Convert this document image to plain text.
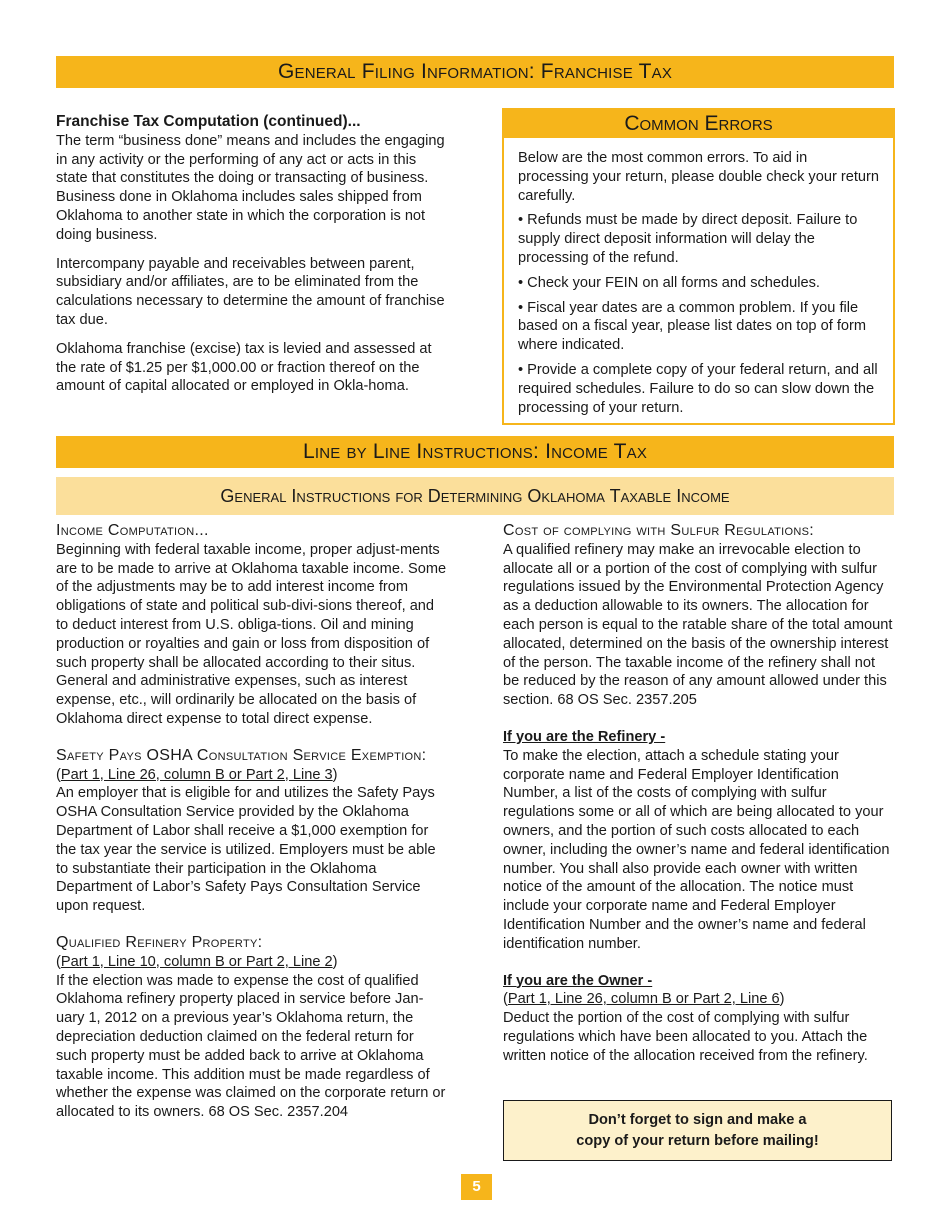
General Filing Information: Franchise Tax
Franchise Tax Computation (continued)...

The term “business done” means and includes the engaging in any activity or the performing of any act or acts in this state that constitutes the doing or transacting of business. Business done in Oklahoma includes sales shipped from Oklahoma to another state in which the corporation is not doing business.

Intercompany payable and receivables between parent, subsidiary and/or affiliates, are to be eliminated from the calculations necessary to determine the amount of franchise tax due.

Oklahoma franchise (excise) tax is levied and assessed at the rate of $1.25 per $1,000.00 or fraction thereof on the amount of capital allocated or employed in Okla-homa.

Common Errors

Below are the most common errors. To aid in processing your return, please double check your return carefully.

• Refunds must be made by direct deposit. Failure to supply direct deposit information will delay the processing of the refund.

• Check your FEIN on all forms and schedules.

• Fiscal year dates are a common problem. If you file based on a fiscal year, please list dates on top of form where indicated.

• Provide a complete copy of your federal return, and all required schedules. Failure to do so can slow down the processing of your return.

Line by Line Instructions: Income Tax
General Instructions for Determining Oklahoma Taxable Income
Income Computation...
Beginning with federal taxable income, proper adjust-ments are to be made to arrive at Oklahoma taxable income. Some of the adjustments may be to add interest income from obligations of state and political sub-divi-sions thereof, and to deduct interest from U.S. obliga-tions. Oil and mining production or royalties and gain or loss from disposition of such property shall be allocated according to their situs. General and administrative expenses, such as interest expense, etc., will ordinarily be allocated on the basis of Oklahoma direct expense to total direct expense.
Safety Pays OSHA Consultation Service Exemption:
(Part 1, Line 26, column B or Part 2, Line 3)
An employer that is eligible for and utilizes the Safety Pays OSHA Consultation Service provided by the Oklahoma Department of Labor shall receive a $1,000 exemption for the tax year the service is utilized. Employers must be able to substantiate their participation in the Oklahoma Department of Labor’s Safety Pays Consultation Service upon request.
Qualified Refinery Property:
(Part 1, Line 10, column B or Part 2, Line 2)
If the election was made to expense the cost of qualified Oklahoma refinery property placed in service before Jan-uary 1, 2012 on a previous year’s Oklahoma return, the depreciation deduction claimed on the federal return for such property must be added back to arrive at Oklahoma taxable income. This addition must be made regardless of whether the expense was claimed on the corporate return or allocated to its owners. 68 OS Sec. 2357.204
Cost of complying with Sulfur Regulations:
A qualified refinery may make an irrevocable election to allocate all or a portion of the cost of complying with sulfur regulations issued by the Environmental Protection Agency as a deduction allowable to its owners. The allocation for each person is equal to the ratable share of the total amount allocated, determined on the basis of the ownership interest of the person. The taxable income of the refinery shall not be reduced by the reason of any amount allowed under this section. 68 OS Sec. 2357.205
If you are the Refinery -
To make the election, attach a schedule stating your corporate name and Federal Employer Identification Number, a list of the costs of complying with sulfur regulations some or all of which are being allocated to your owners, and the portion of such costs allocated to each owner, including the owner’s name and federal identification number. You shall also provide each owner with written notice of the amount of the allocation. The notice must include your corporate name and Federal Employer Identification Number and the owner’s name and federal identification number.
If you are the Owner -
(Part 1, Line 26, column B or Part 2, Line 6)
Deduct the portion of the cost of complying with sulfur regulations which have been allocated to you. Attach the written notice of the allocation received from the refinery.
Don’t forget to sign and make a
copy of your return before mailing!
5
